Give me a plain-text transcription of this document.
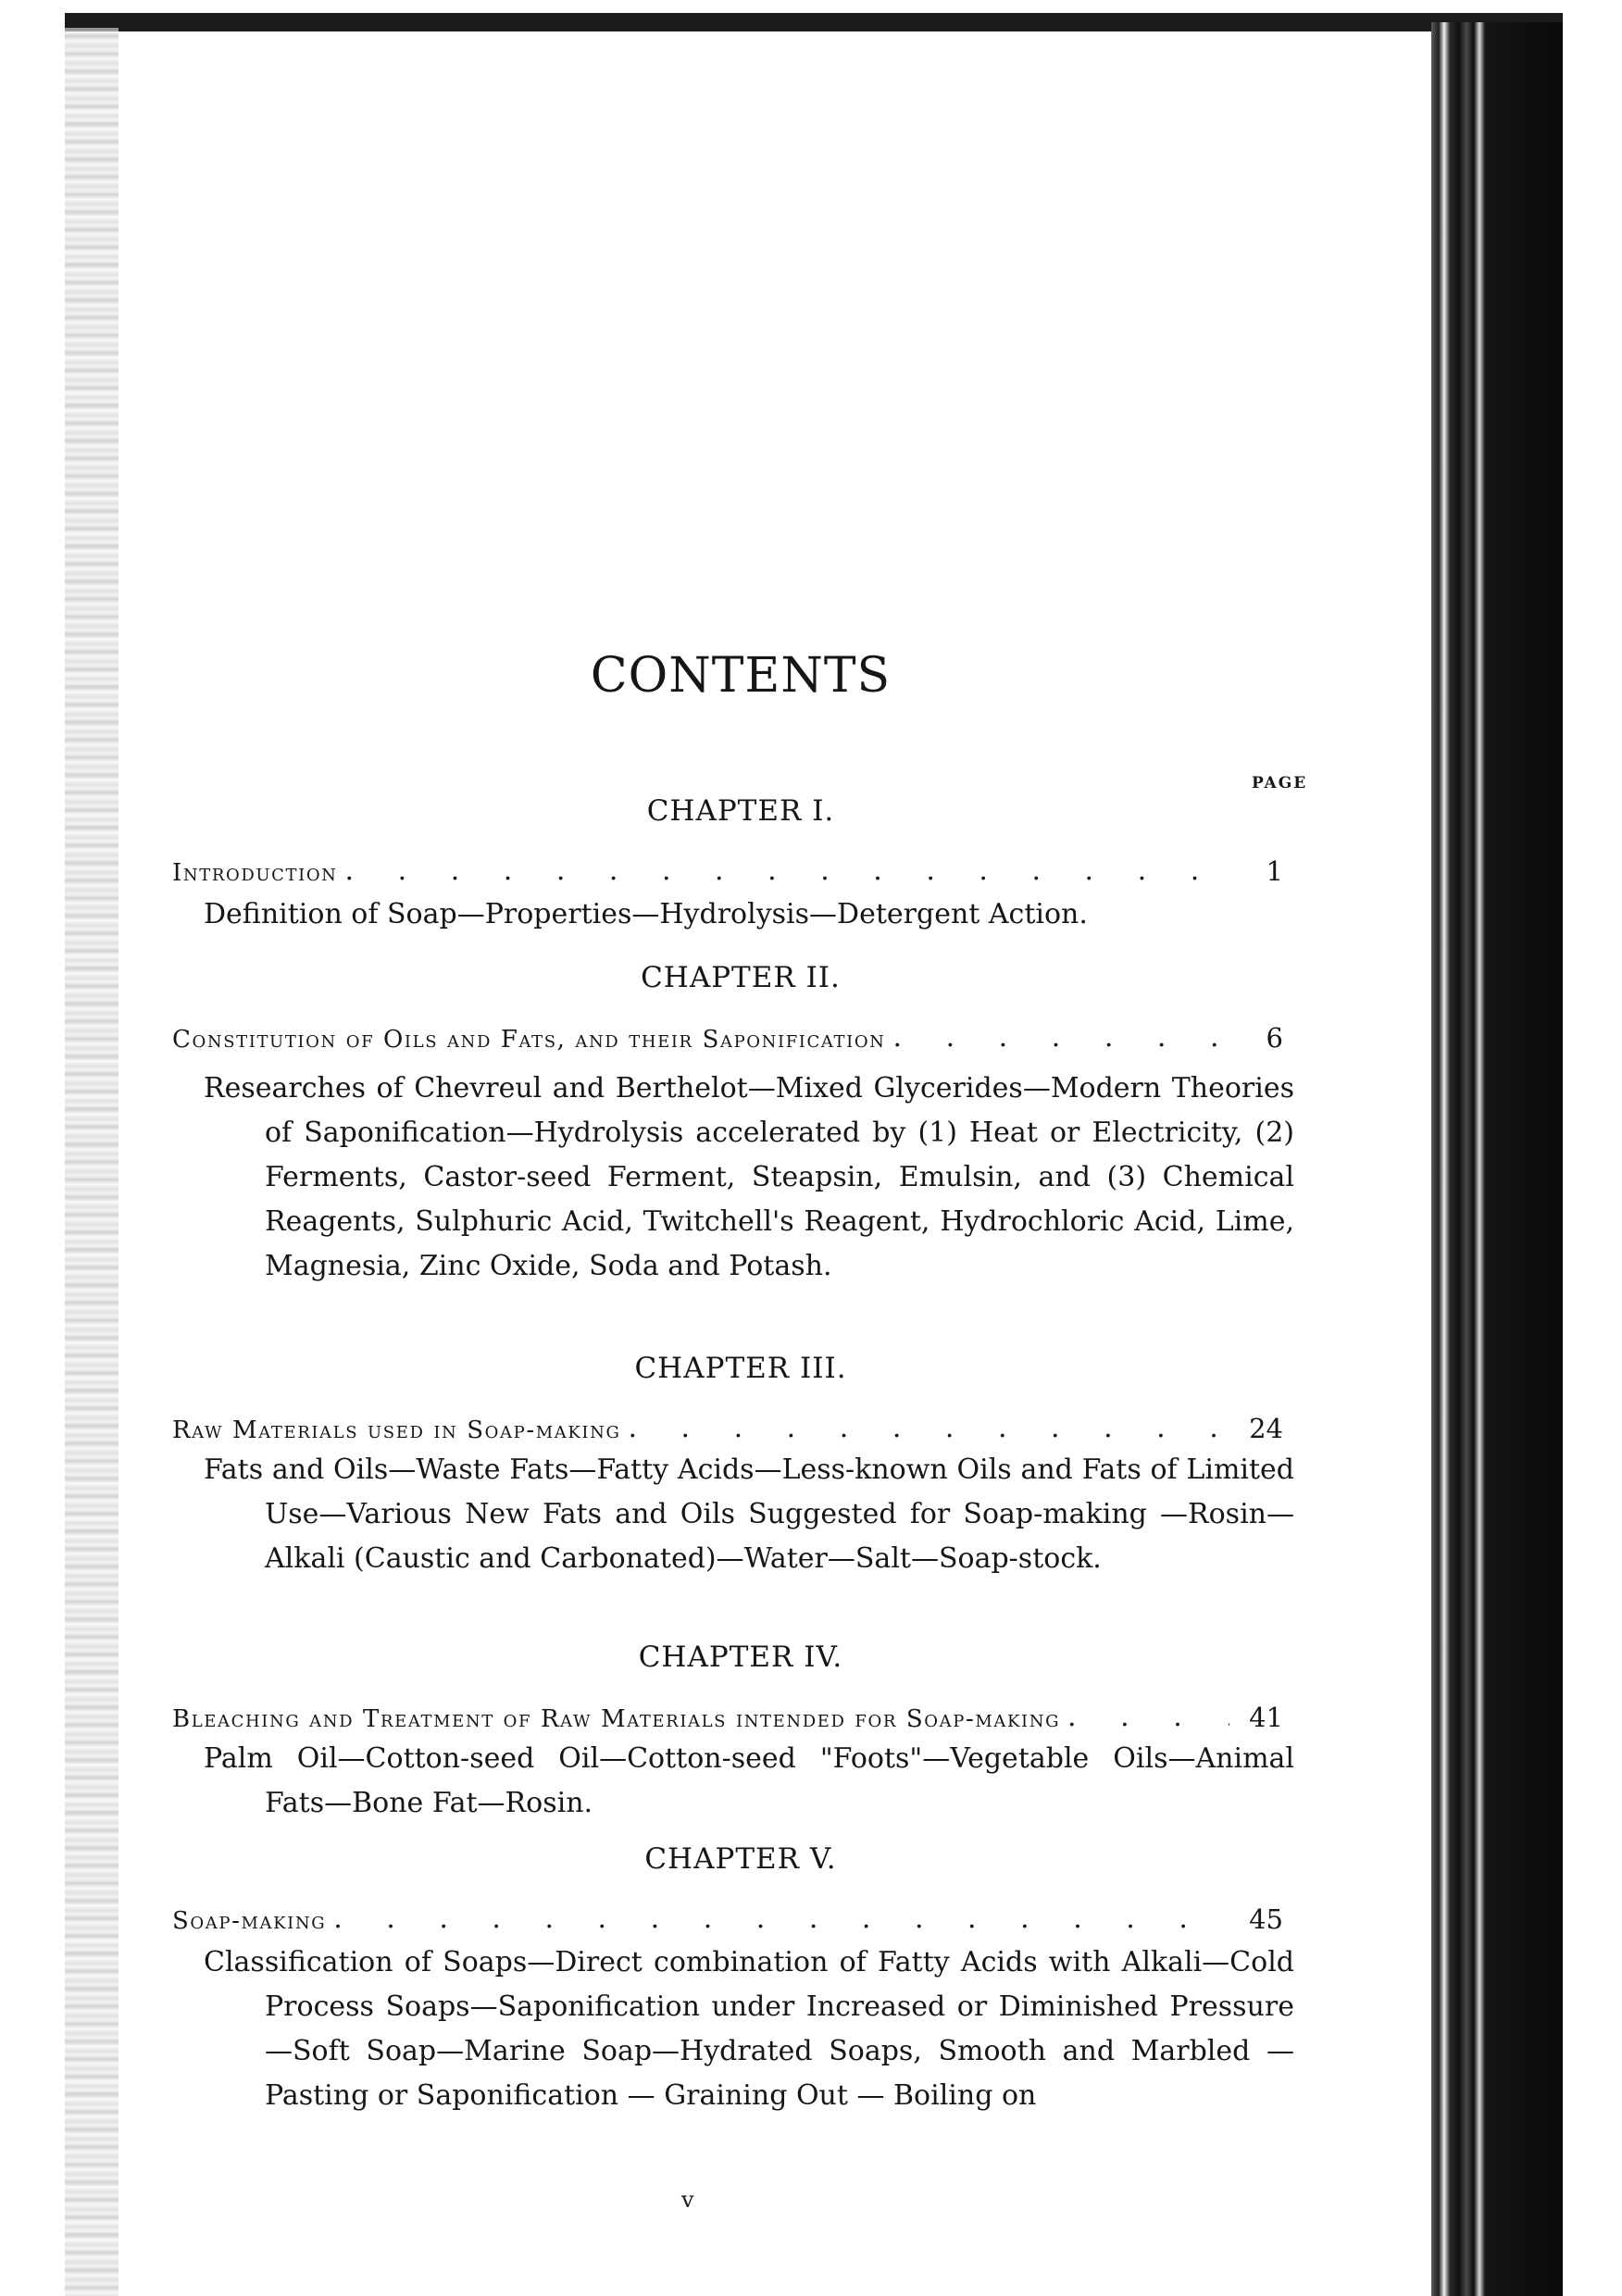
CONTENTS
PAGE
CHAPTER I.
Introduction . . .	1
Definition of Soap—Properties—Hydrolysis—Detergent Action.
CHAPTER II.
Constitution of Oils and Fats, and their Saponification . . .	6
Researches of Chevreul and Berthelot—Mixed Glycerides—Modern Theories of Saponification—Hydrolysis accelerated by (1) Heat or Electricity, (2) Ferments, Castor-seed Ferment, Steapsin, Emulsin, and (3) Chemical Reagents, Sulphuric Acid, Twitchell's Reagent, Hydrochloric Acid, Lime, Magnesia, Zinc Oxide, Soda and Potash.
CHAPTER III.
Raw Materials used in Soap-making . . .	24
Fats and Oils—Waste Fats—Fatty Acids—Less-known Oils and Fats of Limited Use—Various New Fats and Oils Suggested for Soap-making —Rosin—Alkali (Caustic and Carbonated)—Water—Salt—Soap-stock.
CHAPTER IV.
Bleaching and Treatment of Raw Materials intended for Soap-making . . .	41
Palm Oil—Cotton-seed Oil—Cotton-seed "Foots"—Vegetable Oils—Animal Fats—Bone Fat—Rosin.
CHAPTER V.
Soap-making . . .	45
Classification of Soaps—Direct combination of Fatty Acids with Alkali—Cold Process Soaps—Saponification under Increased or Diminished Pressure—Soft Soap—Marine Soap—Hydrated Soaps, Smooth and Marbled — Pasting or Saponification — Graining Out — Boiling on
v
